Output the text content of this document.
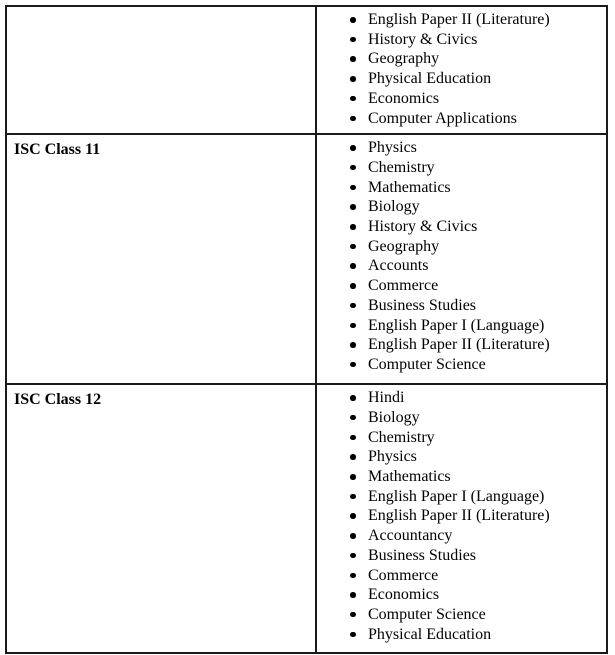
English Paper II (Literature)
History & Civics
Geography
Physical Education
Economics
Computer Applications

ISC Class 11	Physics
Chemistry
Mathematics
Biology
History & Civics
Geography
Accounts
Commerce
Business Studies
English Paper I (Language)
English Paper II (Literature)
Computer Science

ISC Class 12	Hindi
Biology
Chemistry
Physics
Mathematics
English Paper I (Language)
English Paper II (Literature)
Accountancy
Business Studies
Commerce
Economics
Computer Science
Physical Education
